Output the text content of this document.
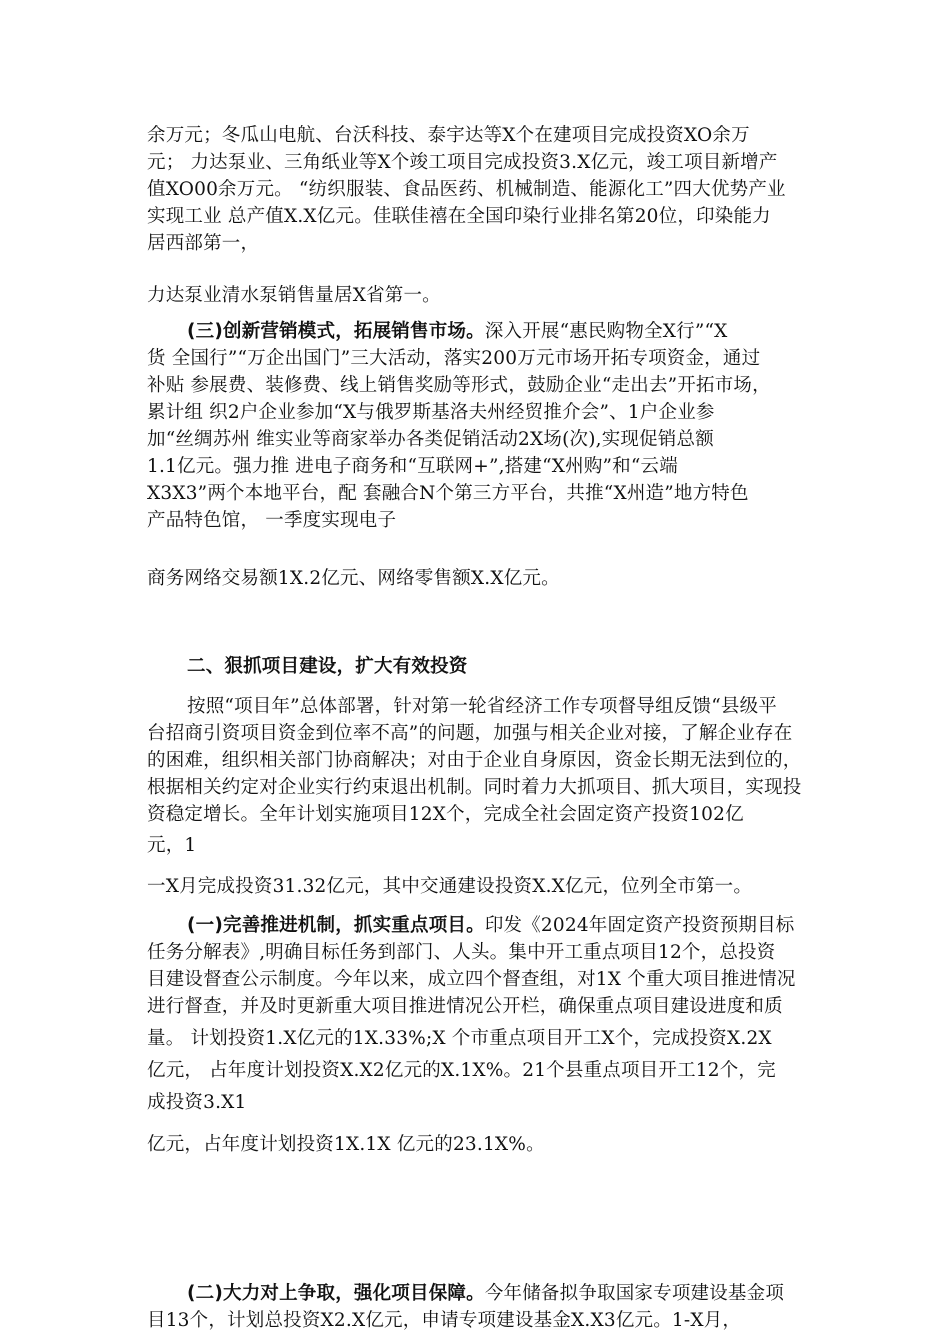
余万元；冬瓜山电航、台沃科技、泰宇达等X个在建项目完成投资XO余万
元； 力达泵业、三角纸业等X个竣工项目完成投资3.X亿元，竣工项目新增产
值XO00余万元。 “纺织服装、食品医药、机械制造、能源化工”四大优势产业
实现工业 总产值X.X亿元。佳联佳禧在全国印染行业排名第20位，印染能力
居西部第一，
力达泵业清水泵销售量居X省第一。
(三)创新营销模式，拓展销售市场。深入开展“惠民购物全X行”“X
货 全国行”“万企出国门”三大活动，落实200万元市场开拓专项资金，通过
补贴 参展费、装修费、线上销售奖励等形式，鼓励企业“走出去”开拓市场，
累计组 织2户企业参加“X与俄罗斯基洛夫州经贸推介会”、1户企业参
加“丝绸苏州 维实业等商家举办各类促销活动2X场(次),实现促销总额
1.1亿元。强力推 进电子商务和“互联网+”,搭建“X州购”和“云端
X3X3”两个本地平台，配 套融合N个第三方平台，共推“X州造”地方特色
产品特色馆， 一季度实现电子
商务网络交易额1X.2亿元、网络零售额X.X亿元。
二、狠抓项目建设，扩大有效投资
按照“项目年”总体部署，针对第一轮省经济工作专项督导组反馈“县级平
台招商引资项目资金到位率不高”的问题，加强与相关企业对接，了解企业存在
的困难，组织相关部门协商解决；对由于企业自身原因，资金长期无法到位的，
根据相关约定对企业实行约束退出机制。同时着力大抓项目、抓大项目，实现投
资稳定增长。全年计划实施项目12X个，完成全社会固定资产投资102亿
元，1
一X月完成投资31.32亿元，其中交通建设投资X.X亿元，位列全市第一。
(一)完善推进机制，抓实重点项目。印发《2024年固定资产投资预期目标
任务分解表》,明确目标任务到部门、人头。集中开工重点项目12个，总投资
目建设督查公示制度。今年以来，成立四个督查组，对1X 个重大项目推进情况
进行督查，并及时更新重大项目推进情况公开栏，确保重点项目建设进度和质
量。 计划投资1.X亿元的1X.33%;X 个市重点项目开工X个，完成投资X.2X
亿元， 占年度计划投资X.X2亿元的X.1X%。21个县重点项目开工12个，完
成投资3.X1
亿元，占年度计划投资1X.1X 亿元的23.1X%。
(二)大力对上争取，强化项目保障。今年储备拟争取国家专项建设基金项
目13个，计划总投资X2.X亿元，申请专项建设基金X.X3亿元。1-X月，
